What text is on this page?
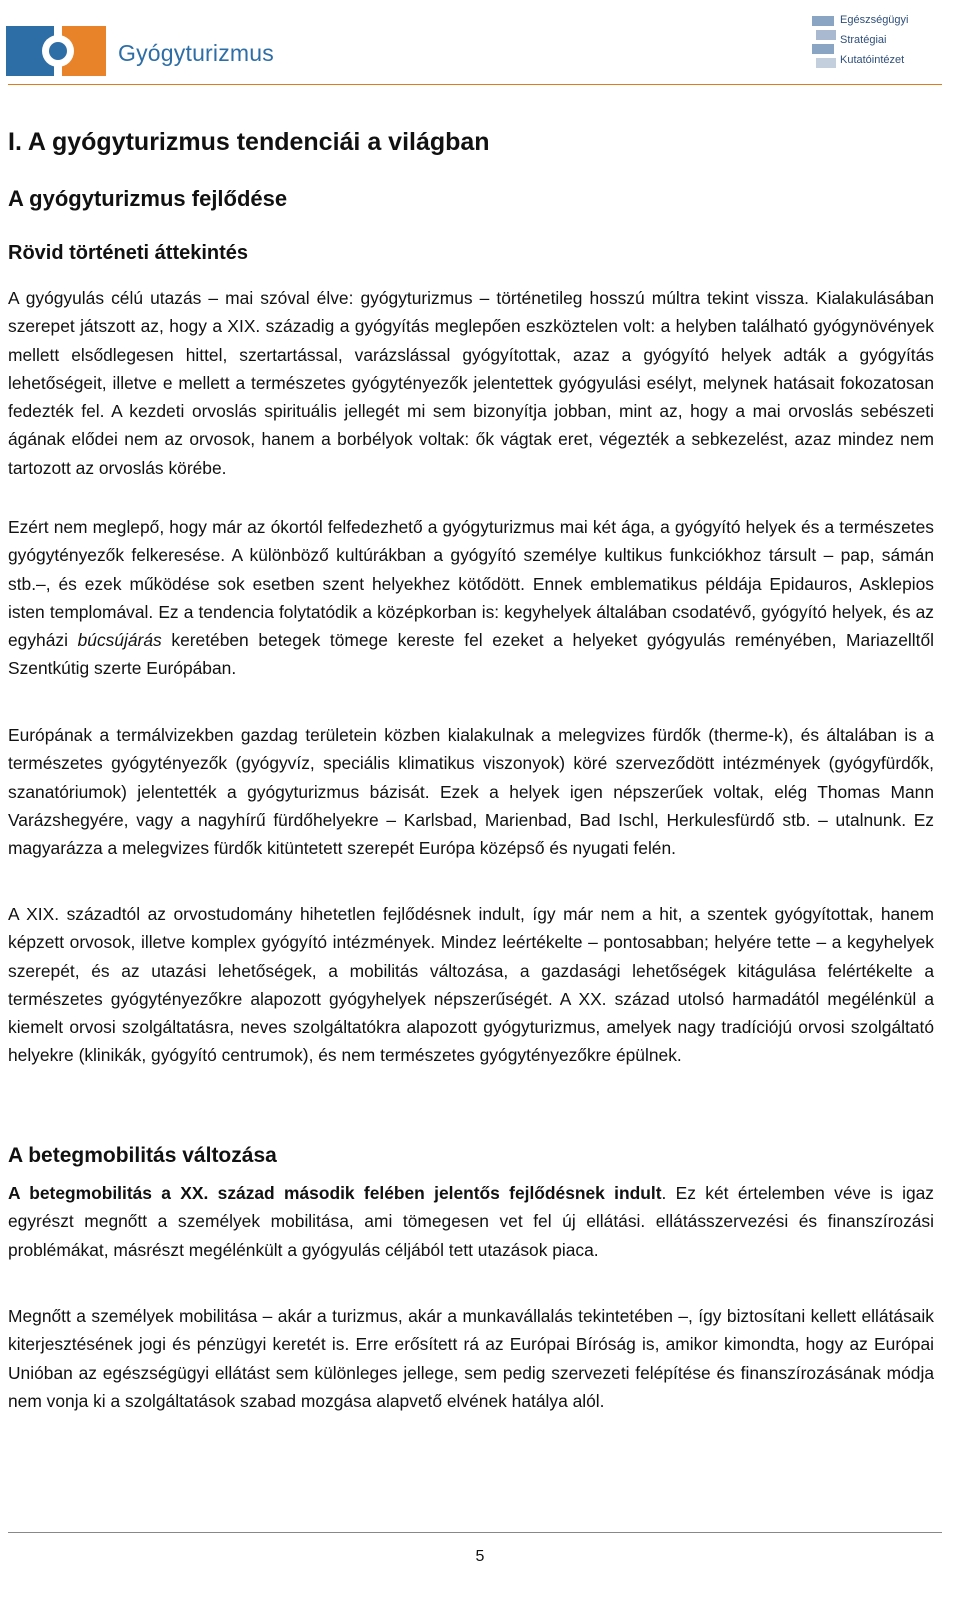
Gyógyturizmus
Egészségügyi
Stratégiai
Kutatóintézet
I. A gyógyturizmus tendenciái a világban
A gyógyturizmus fejlődése
Rövid történeti áttekintés

A gyógyulás célú utazás – mai szóval élve: gyógyturizmus – történetileg hosszú múltra tekint vissza. Kialakulásában szerepet játszott az, hogy a XIX. századig a gyógyítás meglepően eszköztelen volt: a helyben található gyógynövények mellett elsődlegesen hittel, szertartással, varázslással gyógyítottak, azaz a gyógyító helyek adták a gyógyítás lehetőségeit, illetve e mellett a természetes gyógytényezők jelentettek gyógyulási esélyt, melynek hatásait fokozatosan fedezték fel. A kezdeti orvoslás spirituális jellegét mi sem bizonyítja jobban, mint az, hogy a mai orvoslás sebészeti ágának elődei nem az orvosok, hanem a borbélyok voltak: ők vágtak eret, végezték a sebkezelést, azaz mindez nem tartozott az orvoslás körébe.

Ezért nem meglepő, hogy már az ókortól felfedezhető a gyógyturizmus mai két ága, a gyógyító helyek és a természetes gyógytényezők felkeresése. A különböző kultúrákban a gyógyító személye kultikus funkciókhoz társult – pap, sámán stb.–, és ezek működése sok esetben szent helyekhez kötődött. Ennek emblematikus példája Epidauros, Asklepios isten templomával. Ez a tendencia folytatódik a középkorban is: kegyhelyek általában csodatévő, gyógyító helyek, és az egyházi búcsújárás keretében betegek tömege kereste fel ezeket a helyeket gyógyulás reményében, Mariazelltől Szentkútig szerte Európában.

Európának a termálvizekben gazdag területein közben kialakulnak a melegvizes fürdők (therme-k), és általában is a természetes gyógytényezők (gyógyvíz, speciális klimatikus viszonyok) köré szerveződött intézmények (gyógyfürdők, szanatóriumok) jelentették a gyógyturizmus bázisát. Ezek a helyek igen népszerűek voltak, elég Thomas Mann Varázshegyére, vagy a nagyhírű fürdőhelyekre – Karlsbad, Marienbad, Bad Ischl, Herkulesfürdő stb. – utalnunk. Ez magyarázza a melegvizes fürdők kitüntetett szerepét Európa középső és nyugati felén.

A XIX. századtól az orvostudomány hihetetlen fejlődésnek indult, így már nem a hit, a szentek gyógyítottak, hanem képzett orvosok, illetve komplex gyógyító intézmények. Mindez leértékelte – pontosabban; helyére tette – a kegyhelyek szerepét, és az utazási lehetőségek, a mobilitás változása, a gazdasági lehetőségek kitágulása felértékelte a természetes gyógytényezőkre alapozott gyógyhelyek népszerűségét. A XX. század utolsó harmadától megélénkül a kiemelt orvosi szolgáltatásra, neves szolgáltatókra alapozott gyógyturizmus, amelyek nagy tradíciójú orvosi szolgáltató helyekre (klinikák, gyógyító centrumok), és nem természetes gyógytényezőkre épülnek.

A betegmobilitás változása

A betegmobilitás a XX. század második felében jelentős fejlődésnek indult. Ez két értelemben véve is igaz egyrészt megnőtt a személyek mobilitása, ami tömegesen vet fel új ellátási. ellátásszervezési és finanszírozási problémákat, másrészt megélénkült a gyógyulás céljából tett utazások piaca.

Megnőtt a személyek mobilitása – akár a turizmus, akár a munkavállalás tekintetében –, így biztosítani kellett ellátásaik kiterjesztésének jogi és pénzügyi keretét is. Erre erősített rá az Európai Bíróság is, amikor kimondta, hogy az Európai Unióban az egészségügyi ellátást sem különleges jellege, sem pedig szervezeti felépítése és finanszírozásának módja nem vonja ki a szolgáltatások szabad mozgása alapvető elvének hatálya alól.

5
